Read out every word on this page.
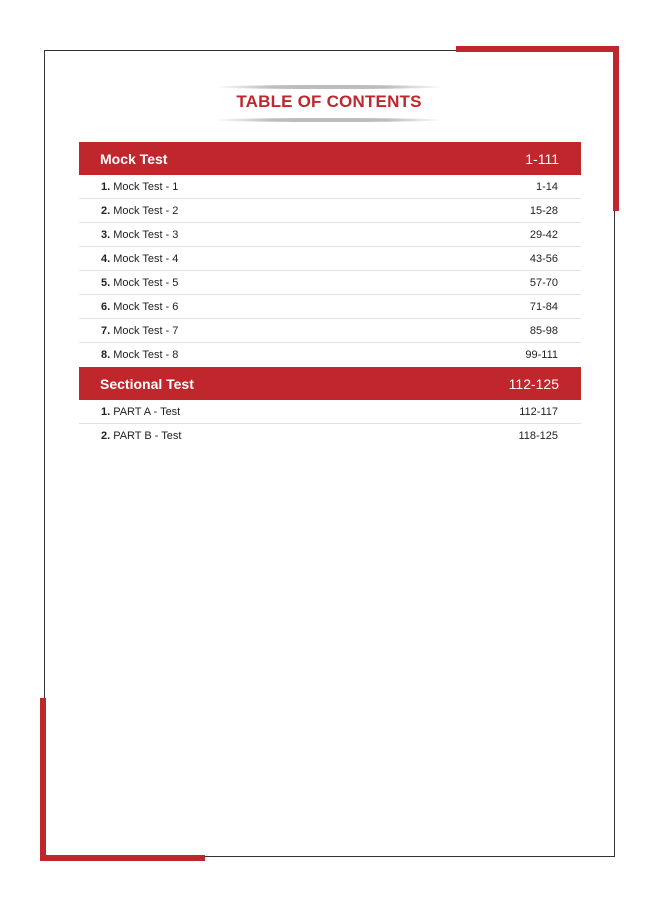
TABLE OF CONTENTS
Mock Test	1-111
1. Mock Test - 1	1-14
2. Mock Test - 2	15-28
3. Mock Test - 3	29-42
4. Mock Test - 4	43-56
5. Mock Test - 5	57-70
6. Mock Test - 6	71-84
7. Mock Test - 7	85-98
8. Mock Test - 8	99-111
Sectional Test	112-125
1. PART A - Test	112-117
2. PART B - Test	118-125
